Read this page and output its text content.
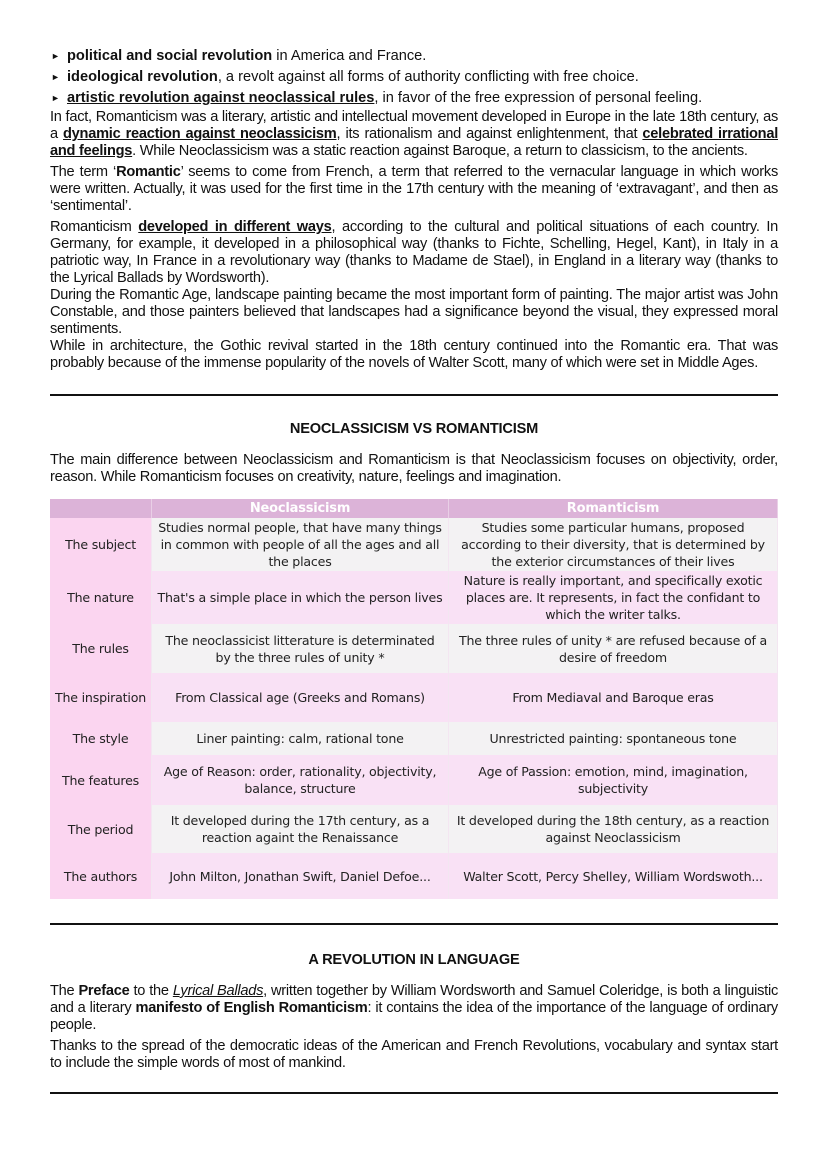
► political and social revolution in America and France.
► ideological revolution, a revolt against all forms of authority conflicting with free choice.
► artistic revolution against neoclassical rules, in favor of the free expression of personal feeling.

In fact, Romanticism was a literary, artistic and intellectual movement developed in Europe in the late 18th century, as a dynamic reaction against neoclassicism, its rationalism and against enlightenment, that celebrated irrational and feelings. While Neoclassicism was a static reaction against Baroque, a return to classicism, to the ancients.

The term ‘Romantic’ seems to come from French, a term that referred to the vernacular language in which works were written. Actually, it was used for the first time in the 17th century with the meaning of ‘extravagant’, and then as ‘sentimental’.

Romanticism developed in different ways, according to the cultural and political situations of each country. In Germany, for example, it developed in a philosophical way (thanks to Fichte, Schelling, Hegel, Kant), in Italy in a patriotic way, In France in a revolutionary way (thanks to Madame de Stael), in England in a literary way (thanks to the Lyrical Ballads by Wordsworth).

During the Romantic Age, landscape painting became the most important form of painting. The major artist was John Constable, and those painters believed that landscapes had a significance beyond the visual, they expressed moral sentiments.

While in architecture, the Gothic revival started in the 18th century continued into the Romantic era. That was probably because of the immense popularity of the novels of Walter Scott, many of which were set in Middle Ages.

NEOCLASSICISM VS ROMANTICISM
The main difference between Neoclassicism and Romanticism is that Neoclassicism focuses on objectivity, order, reason. While Romanticism focuses on creativity, nature, feelings and imagination.
	Neoclassicism	Romanticism
The subject	Studies normal people, that have many things in common with people of all the ages and all the places	Studies some particular humans, proposed according to their diversity, that is determined by the exterior circumstances of their lives
The nature	That's a simple place in which the person lives	Nature is really important, and specifically exotic places are. It represents, in fact the confidant to which the writer talks.
The rules	The neoclassicist litterature is determinated by the three rules of unity *	The three rules of unity * are refused because of a desire of freedom
The inspiration	From Classical age (Greeks and Romans)	From Mediaval and Baroque eras
The style	Liner painting: calm, rational tone	Unrestricted painting: spontaneous tone
The features	Age of Reason: order, rationality, objectivity, balance, structure	Age of Passion: emotion, mind, imagination, subjectivity
The period	It developed during the 17th century, as a reaction againt the Renaissance	It developed during the 18th century, as a reaction against Neoclassicism
The authors	John Milton, Jonathan Swift, Daniel Defoe...	Walter Scott, Percy Shelley, William Wordswoth...
A REVOLUTION IN LANGUAGE

The Preface to the Lyrical Ballads, written together by William Wordsworth and Samuel Coleridge, is both a linguistic and a literary manifesto of English Romanticism: it contains the idea of the importance of the language of ordinary people.

Thanks to the spread of the democratic ideas of the American and French Revolutions, vocabulary and syntax start to include the simple words of most of mankind.
